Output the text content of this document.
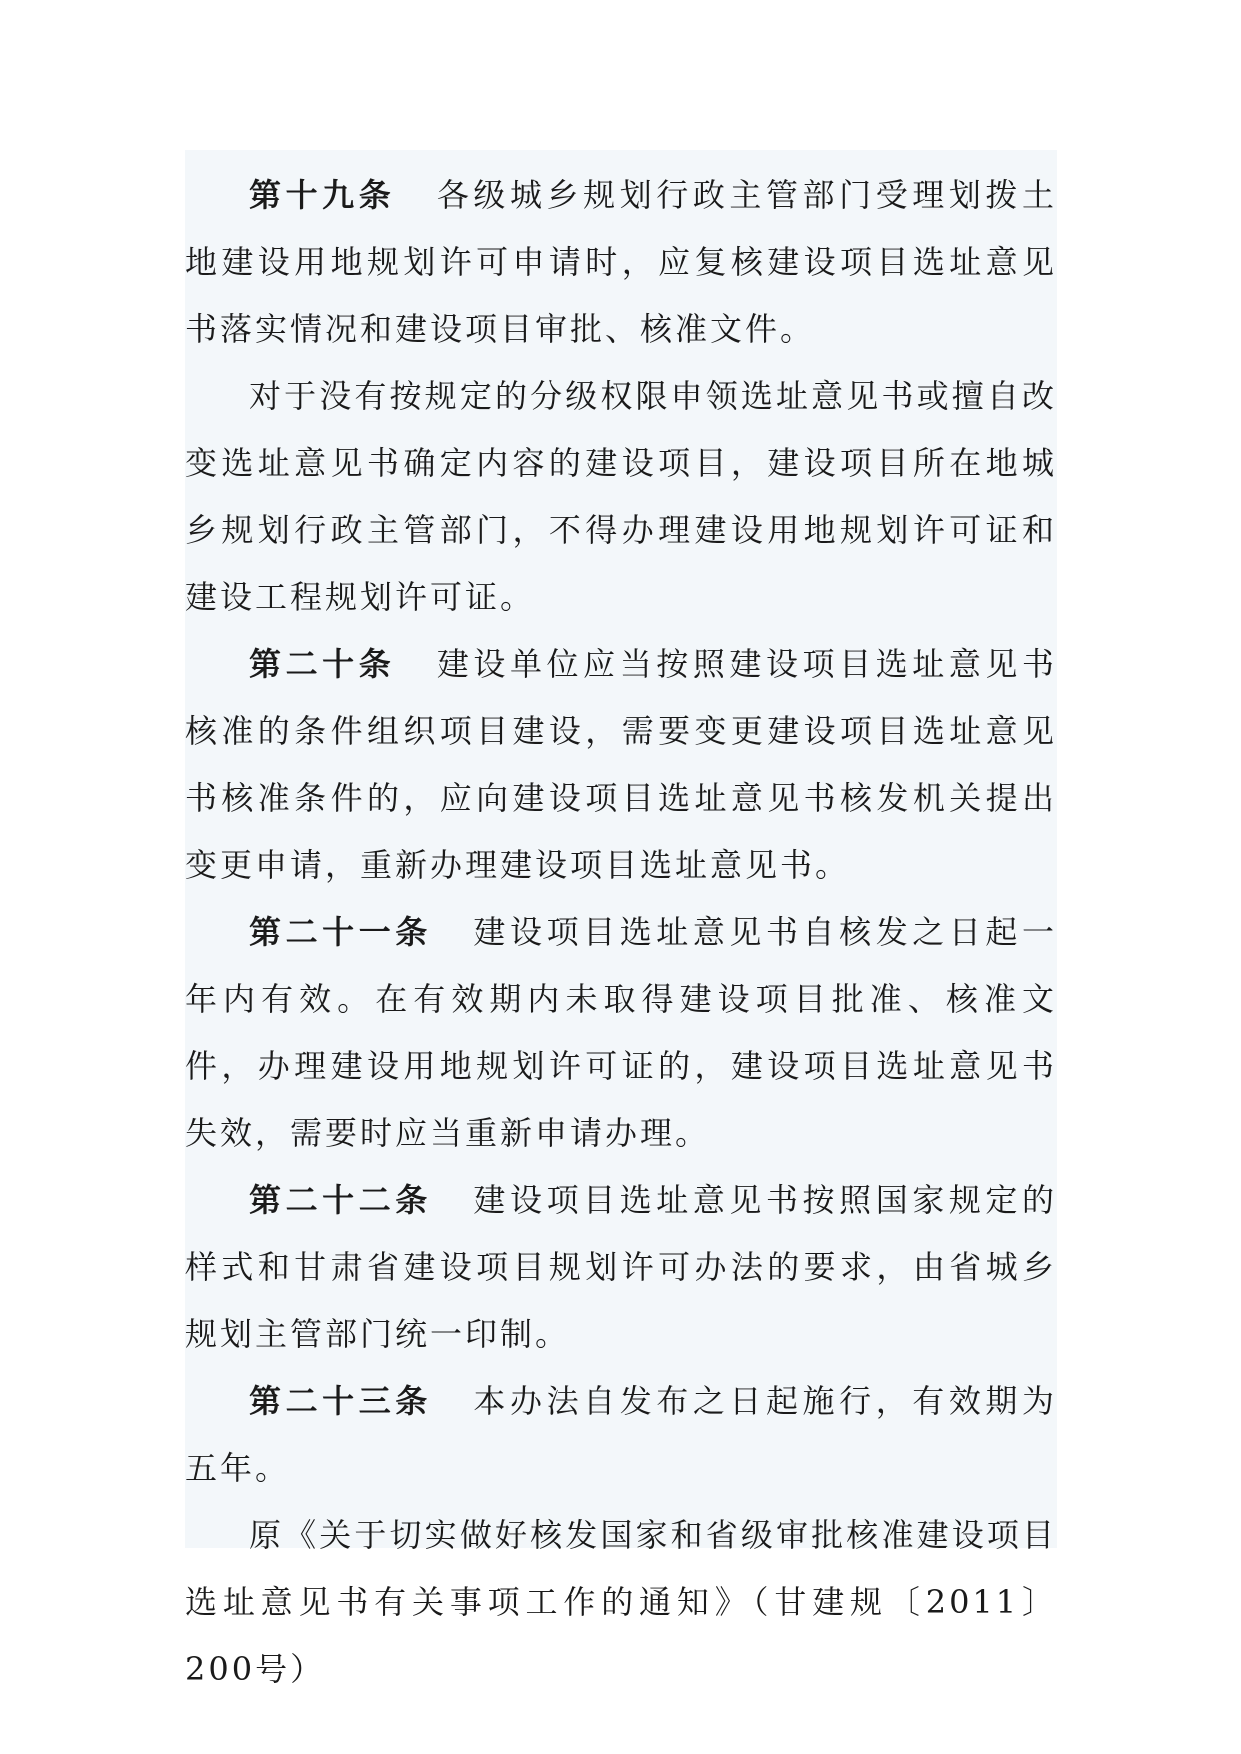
第十九条 各级城乡规划行政主管部门受理划拨土地建设用地规划许可申请时，应复核建设项目选址意见书落实情况和建设项目审批、核准文件。

对于没有按规定的分级权限申领选址意见书或擅自改变选址意见书确定内容的建设项目，建设项目所在地城乡规划行政主管部门，不得办理建设用地规划许可证和建设工程规划许可证。

第二十条 建设单位应当按照建设项目选址意见书核准的条件组织项目建设，需要变更建设项目选址意见书核准条件的，应向建设项目选址意见书核发机关提出变更申请，重新办理建设项目选址意见书。

第二十一条 建设项目选址意见书自核发之日起一年内有效。在有效期内未取得建设项目批准、核准文件，办理建设用地规划许可证的，建设项目选址意见书失效，需要时应当重新申请办理。

第二十二条 建设项目选址意见书按照国家规定的样式和甘肃省建设项目规划许可办法的要求，由省城乡规划主管部门统一印制。

第二十三条 本办法自发布之日起施行，有效期为五年。

原《关于切实做好核发国家和省级审批核准建设项目选址意见书有关事项工作的通知》（甘建规〔2011〕200号）
